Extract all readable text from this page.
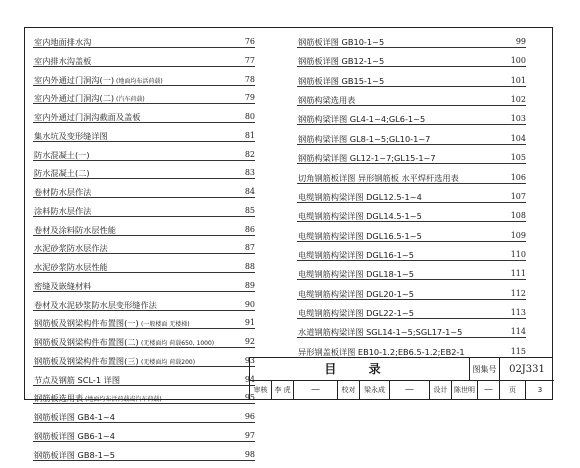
室内地面排水沟	76
室内排水沟盖板	77
室内外通过门洞沟(一) (地面均布活荷载)	78
室内外通过门洞沟(二) (汽车荷载)	79
室内外通过门洞沟截面及盖板	80
集水坑及变形缝详图	81
防水混凝土(一)	82
防水混凝土(二)	83
卷材防水层作法	84
涂料防水层作法	85
卷材及涂料防水层性能	86
水泥砂浆防水层作法	87
水泥砂浆防水层性能	88
密缝及嵌缝材料	89
卷材及水泥砂浆防水层变形缝作法	90
钢筋板及钢梁构件布置图(一) (一般楼面 无楼梯)	91
钢筋板及钢梁构件布置图(二) (无楼面均 荷载650, 1000)	92
钢筋板及钢梁构件布置图(三) (无楼面均 荷载200)	93
节点及钢筋 SCL-1 详图	94
钢筋板选用表 (地面均布活荷载或汽车荷载)	95
钢筋板详图 GB4-1~4	96
钢筋板详图 GB6-1~4	97
钢筋板详图 GB8-1~5	98
钢筋板详图 GB10-1~5	99
钢筋板详图 GB12-1~5	100
钢筋板详图 GB15-1~5	101
钢筋构梁选用表	102
钢筋构梁详图 GL4-1~4;GL6-1~5	103
钢筋构梁详图 GL8-1~5;GL10-1~7	104
钢筋构梁详图 GL12-1~7;GL15-1~7	105
切角钢筋板详图 异形钢筋板 水平焊杆选用表	106
电缆钢筋构梁详图 DGL12.5-1~4	107
电缆钢筋构梁详图 DGL14.5-1~5	108
电缆钢筋构梁详图 DGL16.5-1~5	109
电缆钢筋构梁详图 DGL16-1~5	110
电缆钢筋构梁详图 DGL18-1~5	111
电缆钢筋构梁详图 DGL20-1~5	112
电缆钢筋构梁详图 DGL22-1~5	113
水道钢筋构梁详图 SGL14-1~5;SGL17-1~5	114
异形钢盖板详图 EB10-1.2;EB6.5-1.2;EB2-1	115
目 录	图集号	02J331
审核 李 虎	—	校对	梁永成	—	设计 陈世明	—	页	3
